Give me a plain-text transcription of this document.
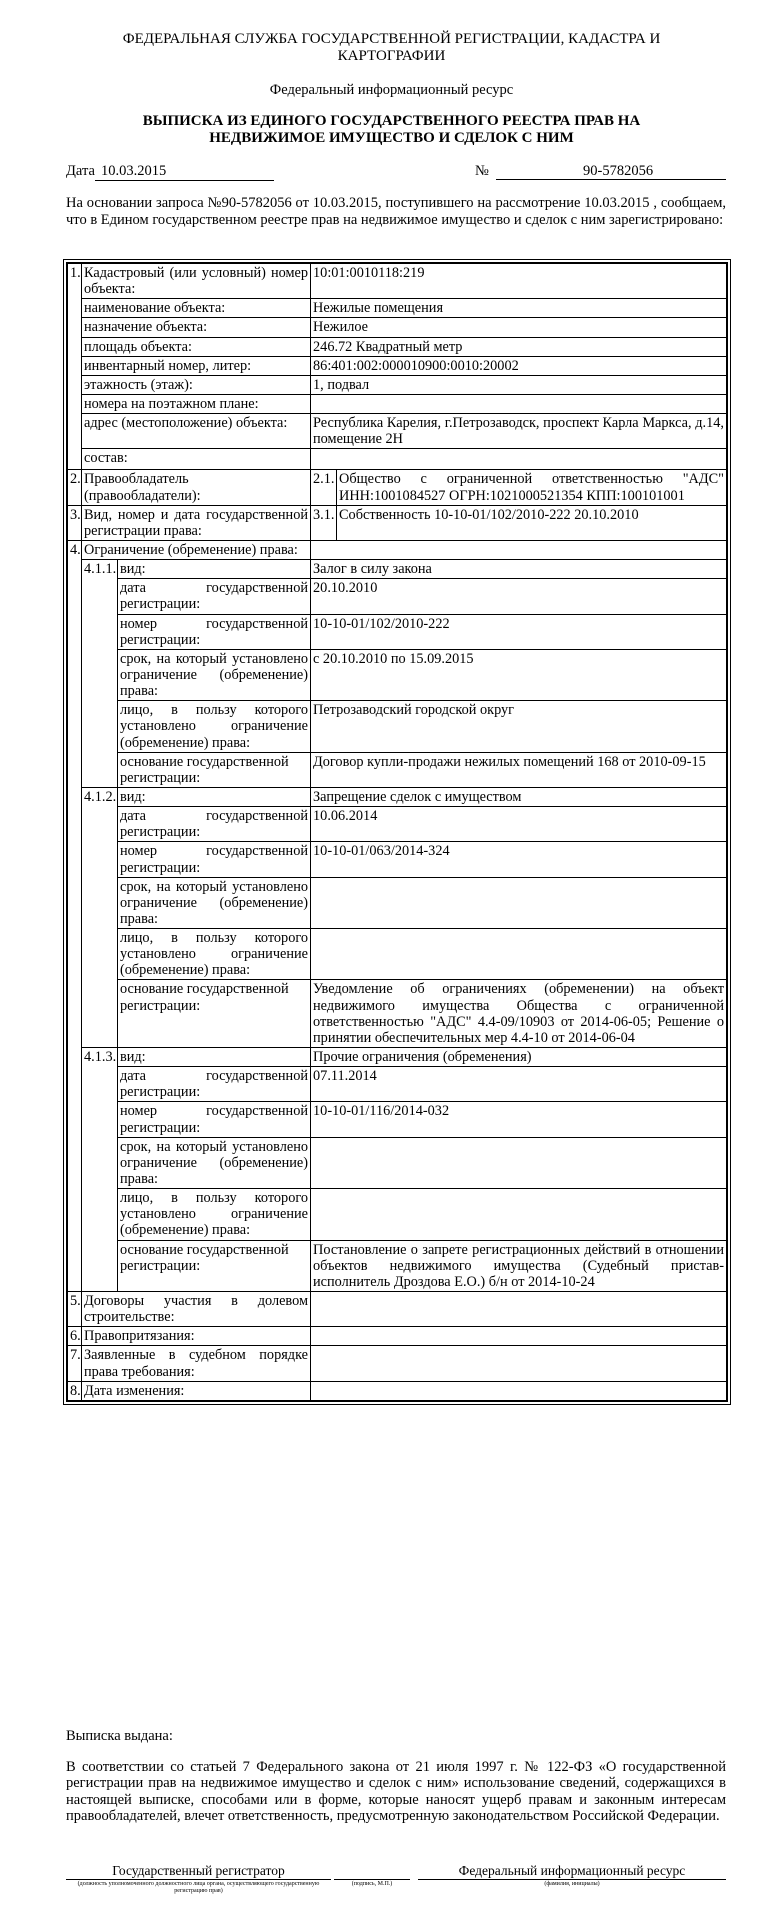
ФЕДЕРАЛЬНАЯ СЛУЖБА ГОСУДАРСТВЕННОЙ РЕГИСТРАЦИИ, КАДАСТРА И КАРТОГРАФИИ
Федеральный информационный ресурс
ВЫПИСКА ИЗ ЕДИНОГО ГОСУДАРСТВЕННОГО РЕЕСТРА ПРАВ НА НЕДВИЖИМОЕ ИМУЩЕСТВО И СДЕЛОК С НИМ
Дата 10.03.2015	№	90-5782056
На основании запроса №90-5782056 от 10.03.2015, поступившего на рассмотрение 10.03.2015 , сообщаем, что в Едином государственном реестре прав на недвижимое имущество и сделок с ним зарегистрировано:
1.	Кадастровый (или условный) номер объекта:		10:01:0010118:219	
	наименование объекта:		Нежилые помещения	
	назначение объекта:		Нежилое	
	площадь объекта:		246.72 Квадратный метр	
	инвентарный номер, литер:		86:401:002:000010900:0010:20002	
	этажность (этаж):		1, подвал	
	номера на поэтажном плане:			
	адрес (местоположение) объекта:		Республика Карелия, г.Петрозаводск, проспект Карла Маркса, д.14, помещение 2Н	
	состав:			
2.	Правообладатель (правообладатели):		2.1.	Общество с ограниченной ответственностью "АДС" ИНН:1001084527 ОГРН:1021000521354 КПП:100101001
3.	Вид, номер и дата государственной регистрации права:		3.1.	Собственность 10-10-01/102/2010-222 20.10.2010
4.	Ограничение (обременение) права:			
	4.1.1.	вид:	Залог в силу закона	
		дата государственной регистрации:	20.10.2010	
		номер государственной регистрации:	10-10-01/102/2010-222	
		срок, на который установлено ограничение (обременение) права:	с 20.10.2010 по 15.09.2015	
		лицо, в пользу которого установлено ограничение (обременение) права:	Петрозаводский городской округ	
		основание государственной регистрации:	Договор купли-продажи нежилых помещений 168 от 2010-09-15	
	4.1.2.	вид:	Запрещение сделок с имуществом	
		дата государственной регистрации:	10.06.2014	
		номер государственной регистрации:	10-10-01/063/2014-324	
		срок, на который установлено ограничение (обременение) права:		
		лицо, в пользу которого установлено ограничение (обременение) права:		
		основание государственной регистрации:	Уведомление об ограничениях (обременении) на объект недвижимого имущества Общества с ограниченной ответственностью "АДС" 4.4-09/10903 от 2014-06-05; Решение о принятии обеспечительных мер 4.4-10 от 2014-06-04	
	4.1.3.	вид:	Прочие ограничения (обременения)	
		дата государственной регистрации:	07.11.2014	
		номер государственной регистрации:	10-10-01/116/2014-032	
		срок, на который установлено ограничение (обременение) права:		
		лицо, в пользу которого установлено ограничение (обременение) права:		
		основание государственной регистрации:	Постановление о запрете регистрационных действий в отношении объектов недвижимого имущества (Судебный пристав-исполнитель Дроздова Е.О.) б/н от 2014-10-24	
5.	Договоры участия в долевом строительстве:			
6.	Правопритязания:			
7.	Заявленные в судебном порядке права требования:			
8.	Дата изменения:			

Выписка выдана:

В соответствии со статьей 7 Федерального закона от 21 июля 1997 г. № 122-ФЗ «О государственной регистрации прав на недвижимое имущество и сделок с ним» использование сведений, содержащихся в настоящей выписке, способами или в форме, которые наносят ущерб правам и законным интересам правообладателей, влечет ответственность, предусмотренную законодательством Российской Федерации.

Государственный регистратор
(должность уполномоченного должностного лица органа, осуществляющего государственную регистрацию прав)
(подпись, М.П.)
Федеральный информационный ресурс
(фамилия, инициалы)
